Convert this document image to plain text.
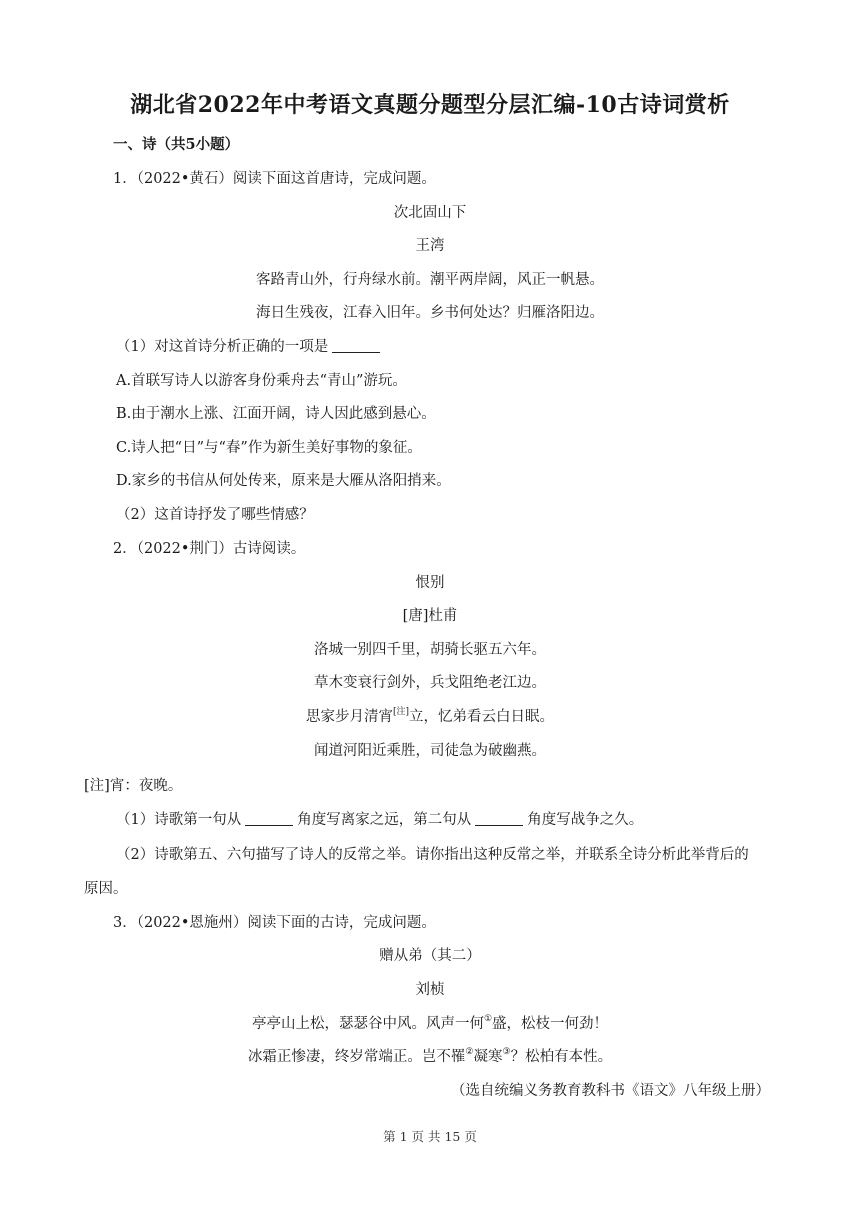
湖北省2022年中考语文真题分题型分层汇编-10古诗词赏析
一、诗（共5小题）
1．（2022•黄石）阅读下面这首唐诗，完成问题。
次北固山下
王湾
客路青山外，行舟绿水前。潮平两岸阔，风正一帆悬。
海日生残夜，江春入旧年。乡书何处达？归雁洛阳边。
（1）对这首诗分析正确的一项是
A.首联写诗人以游客身份乘舟去“青山”游玩。
B.由于潮水上涨、江面开阔，诗人因此感到悬心。
C.诗人把“日”与“春”作为新生美好事物的象征。
D.家乡的书信从何处传来，原来是大雁从洛阳捎来。
（2）这首诗抒发了哪些情感？
2．（2022•荆门）古诗阅读。
恨别
[唐]杜甫
洛城一别四千里，胡骑长驱五六年。
草木变衰行剑外，兵戈阻绝老江边。
思家步月清宵[注]立，忆弟看云白日眠。
闻道河阳近乘胜，司徒急为破幽燕。
[注]宵：夜晚。
（1）诗歌第一句从	角度写离家之远，第二句从	角度写战争之久。
（2）诗歌第五、六句描写了诗人的反常之举。请你指出这种反常之举，并联系全诗分析此举背后的
原因。
3．（2022•恩施州）阅读下面的古诗，完成问题。
赠从弟（其二）
刘桢
亭亭山上松，瑟瑟谷中风。风声一何①盛，松枝一何劲！
冰霜正惨凄，终岁常端正。岂不罹②凝寒③？松柏有本性。
（选自统编义务教育教科书《语文》八年级上册）
第 1 页 共 15 页
